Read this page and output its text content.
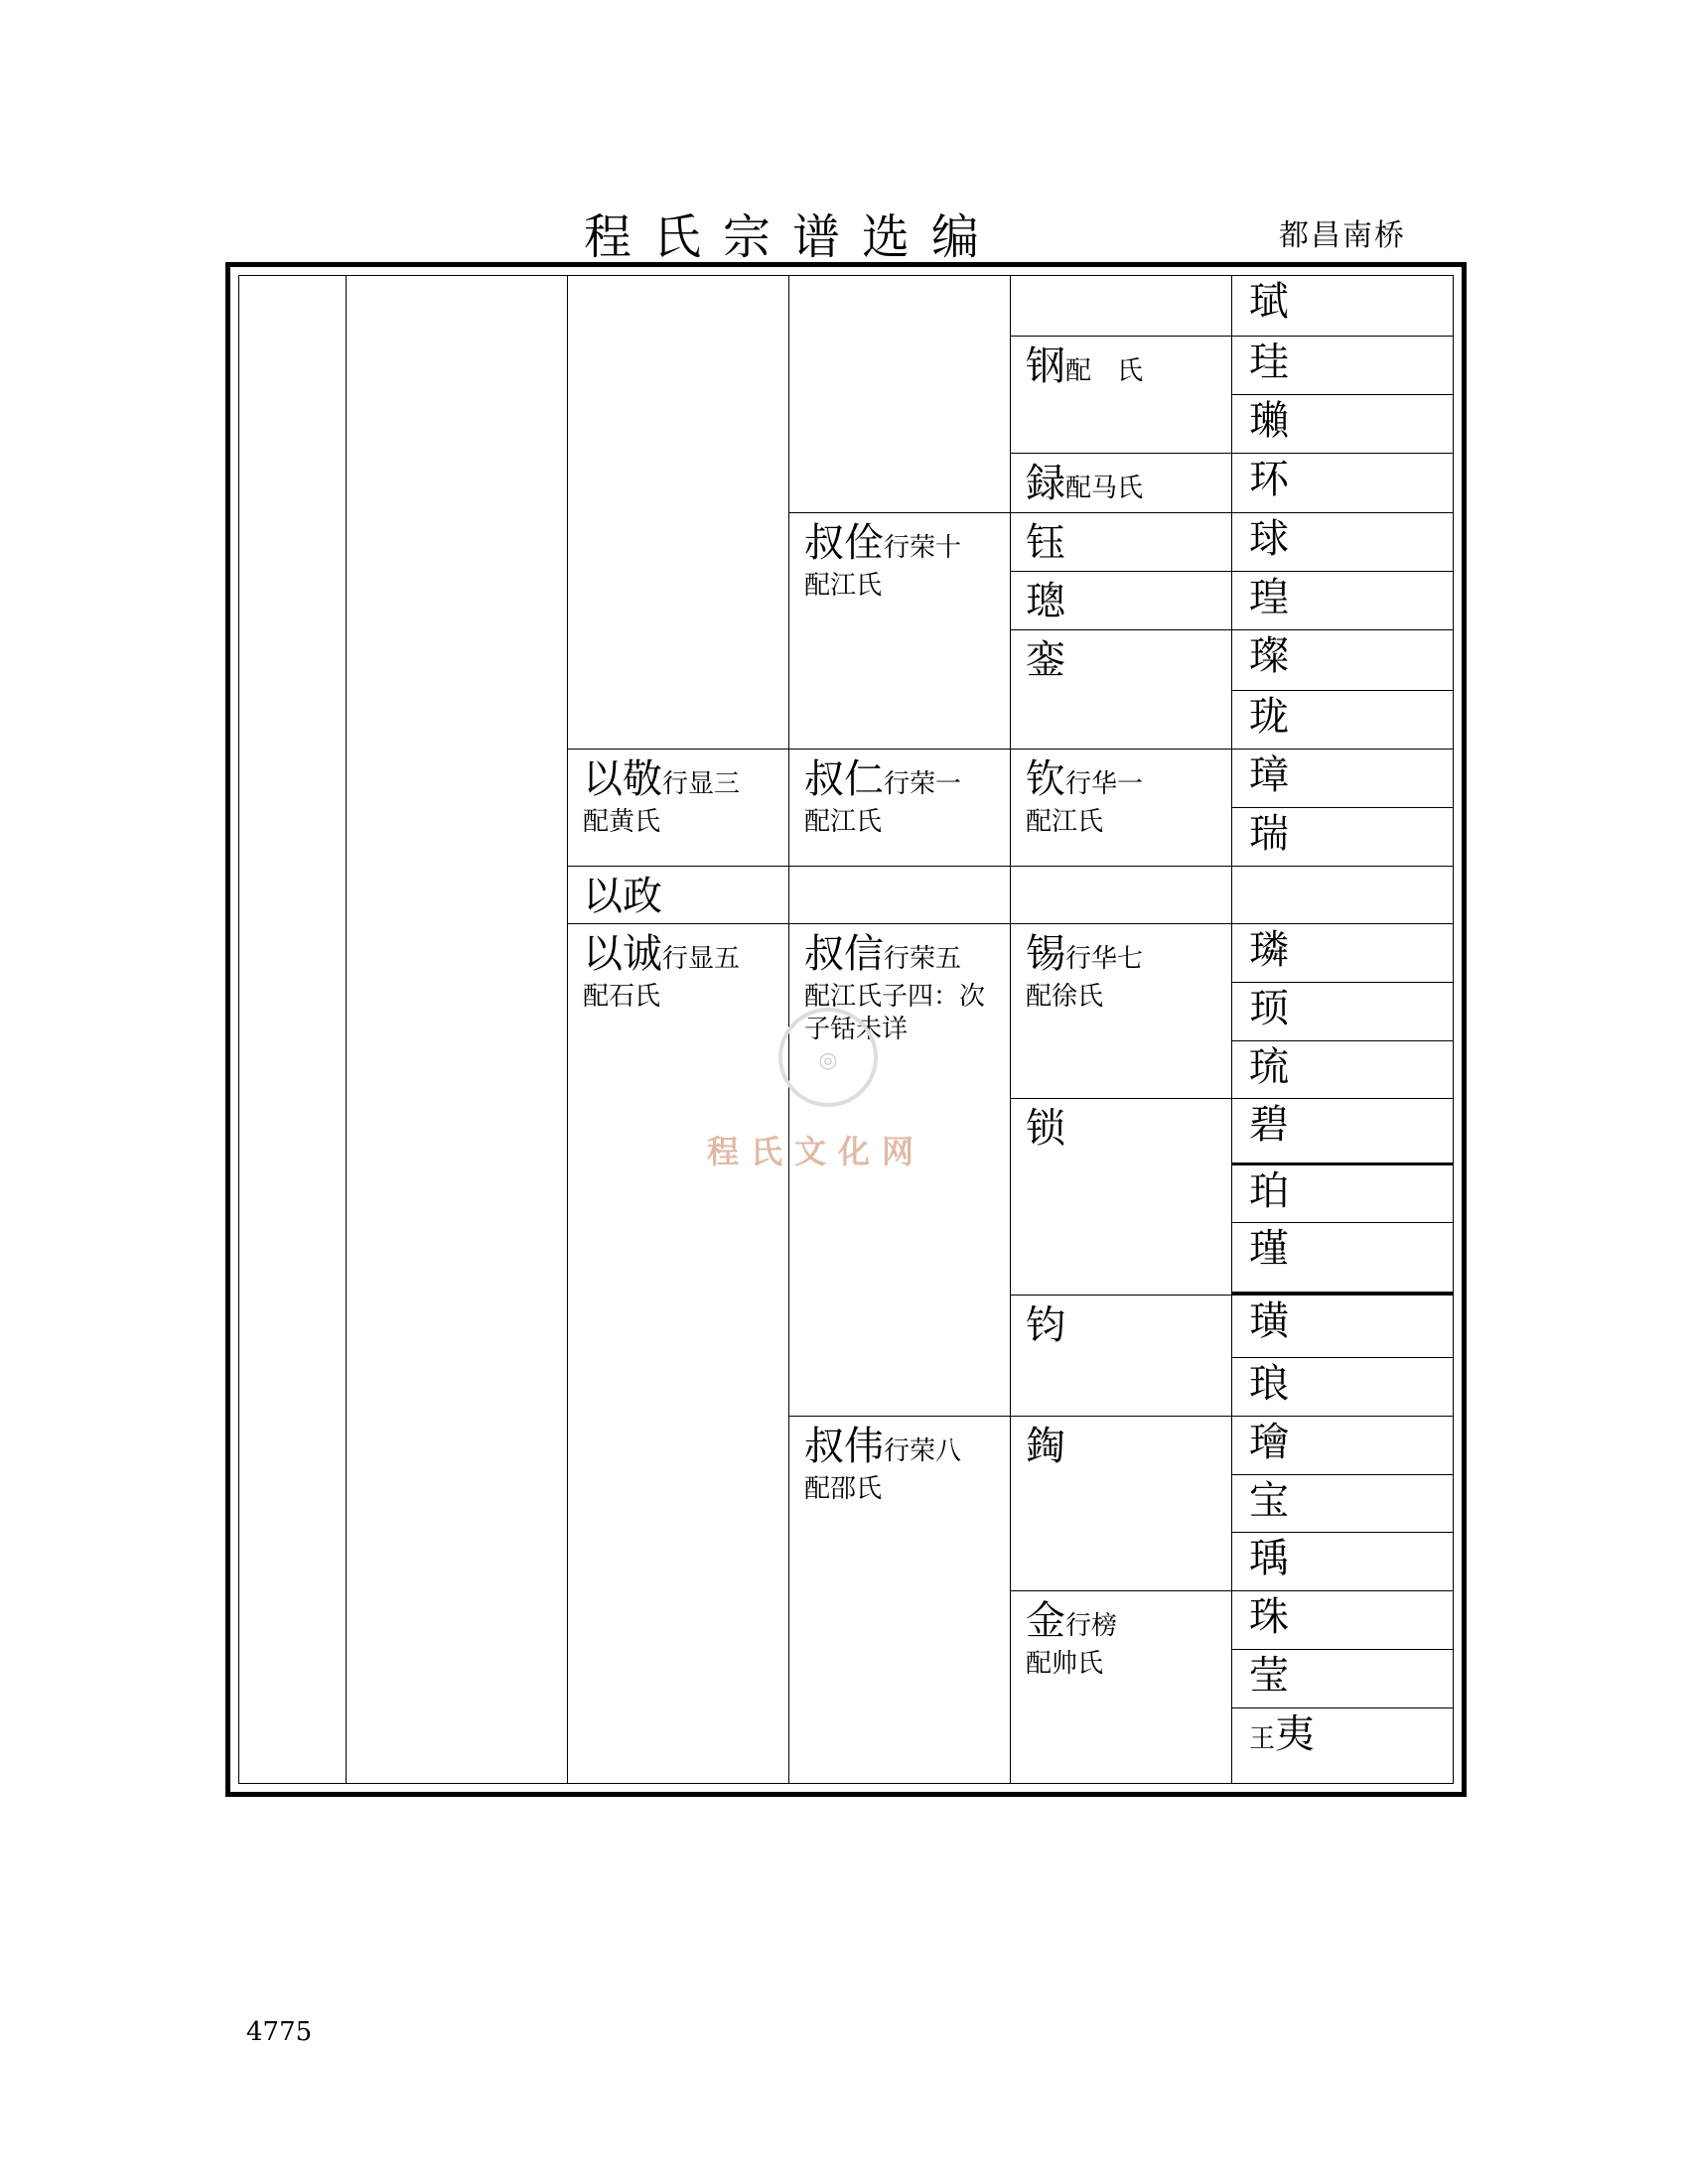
程氏宗谱选编	都昌南桥
以敬行显三
配黄氏
以政
以诚行显五
配石氏
叔佺行荣十
配江氏
叔仁行荣一
配江氏
叔信行荣五
配江氏子四：次子铦未详
叔伟行荣八
配邵氏
钢配　氏
録配马氏
钰
璁
銮
钦行华一
配江氏
锡行华七
配徐氏
锁
钧
鋾
金行榜
配帅氏
珷
珪
瓎
环
球
瑝
璨
珑
璋
瑞
璘
顼
琉
碧
珀
瑾
璜
琅
璯
宝
瑀
珠
莹
王夷
◎
程氏文化网
4775
